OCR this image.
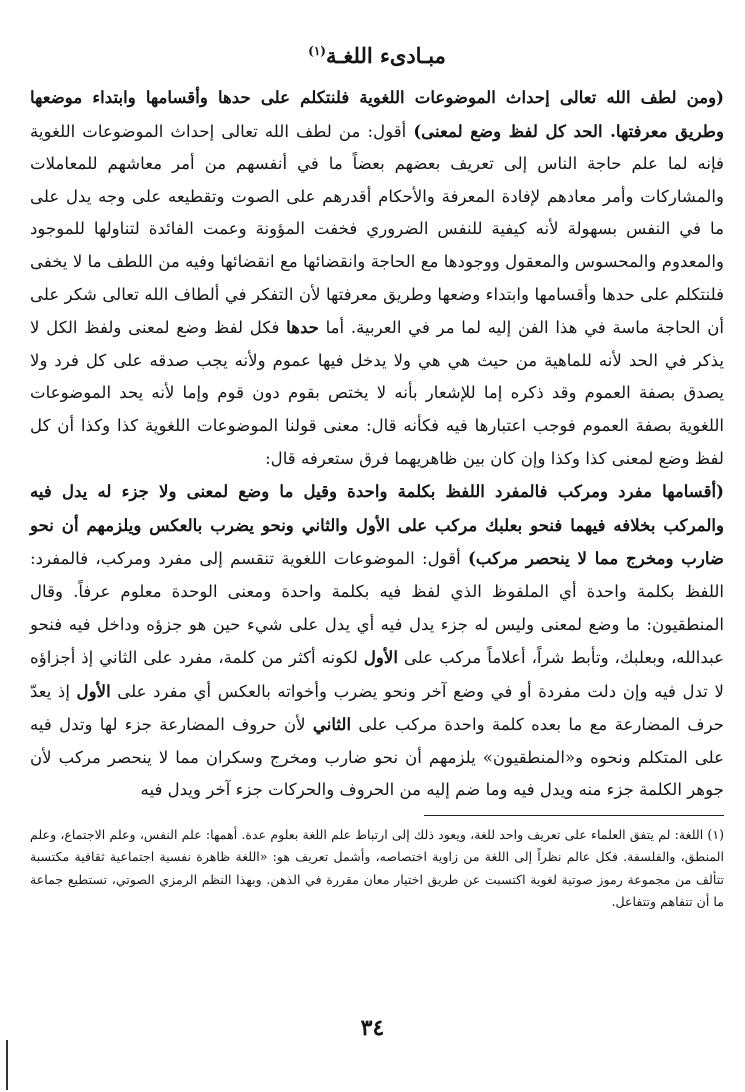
مبـادىء اللغـة$^{(١)}$

(ومن لطف الله تعالى إحداث الموضوعات اللغوية فلنتكلم على حدها وأقسامها وابتداء موضعها وطريق معرفتها. الحد كل لفظ وضع لمعنى) أقول: من لطف الله تعالى إحداث الموضوعات اللغوية فإنه لما علم حاجة الناس إلى تعريف بعضهم بعضاً ما في أنفسهم من أمر معاشهم للمعاملات والمشاركات وأمر معادهم لإفادة المعرفة والأحكام أقدرهم على الصوت وتقطيعه على وجه يدل على ما في النفس بسهولة لأنه كيفية للنفس الضروري فخفت المؤونة وعمت الفائدة لتناولها للموجود والمعدوم والمحسوس والمعقول ووجودها مع الحاجة وانقضائها مع انقضائها وفيه من اللطف ما لا يخفى فلنتكلم على حدها وأقسامها وابتداء وضعها وطريق معرفتها لأن التفكر في ألطاف الله تعالى شكر على أن الحاجة ماسة في هذا الفن إليه لما مر في العربية. أما حدها فكل لفظ وضع لمعنى ولفظ الكل لا يذكر في الحد لأنه للماهية من حيث هي هي ولا يدخل فيها عموم ولأنه يجب صدقه على كل فرد ولا يصدق بصفة العموم وقد ذكره إما للإشعار بأنه لا يختص بقوم دون قوم وإما لأنه يحد الموضوعات اللغوية بصفة العموم فوجب اعتبارها فيه فكأنه قال: معنى قولنا الموضوعات اللغوية كذا وكذا أن كل لفظ وضع لمعنى كذا وكذا وإن كان بين ظاهريهما فرق ستعرفه قال:

(أقسامها مفرد ومركب فالمفرد اللفظ بكلمة واحدة وقيل ما وضع لمعنى ولا جزء له يدل فيه والمركب بخلافه فيهما فنحو بعلبك مركب على الأول والثاني ونحو يضرب بالعكس ويلزمهم أن نحو ضارب ومخرج مما لا ينحصر مركب) أقول: الموضوعات اللغوية تنقسم إلى مفرد ومركب، فالمفرد: اللفظ بكلمة واحدة أي الملفوظ الذي لفظ فيه بكلمة واحدة ومعنى الوحدة معلوم عرفاً. وقال المنطقيون: ما وضع لمعنى وليس له جزء يدل فيه أي يدل على شيء حين هو جزؤه وداخل فيه فنحو عبدالله، وبعلبك، وتأبط شراً، أعلاماً مركب على الأول لكونه أكثر من كلمة، مفرد على الثاني إذ أجزاؤه لا تدل فيه وإن دلت مفردة أو في وضع آخر ونحو يضرب وأخواته بالعكس أي مفرد على الأول إذ يعدّ حرف المضارعة مع ما بعده كلمة واحدة مركب على الثاني لأن حروف المضارعة جزء لها وتدل فيه على المتكلم ونحوه و«المنطقيون» يلزمهم أن نحو ضارب ومخرج وسكران مما لا ينحصر مركب لأن جوهر الكلمة جزء منه ويدل فيه وما ضم إليه من الحروف والحركات جزء آخر ويدل فيه

(١) اللغة: لم يتفق العلماء على تعريف واحد للغة، ويعود ذلك إلى ارتباط علم اللغة بعلوم عدة. أهمها: علم النفس، وعلم الاجتماع، وعلم المنطق، والفلسفة. فكل عالم نظراً إلى اللغة من زاوية اختصاصه، وأشمل تعريف هو: «اللغة ظاهرة نفسية اجتماعية ثقافية مكتسبة تتألف من مجموعة رموز صوتية لغوية اكتسبت عن طريق اختيار معان مقررة في الذهن. وبهذا النظم الرمزي الصوتي، تستطيع جماعة ما أن تتفاهم وتتفاعل.

٣٤
